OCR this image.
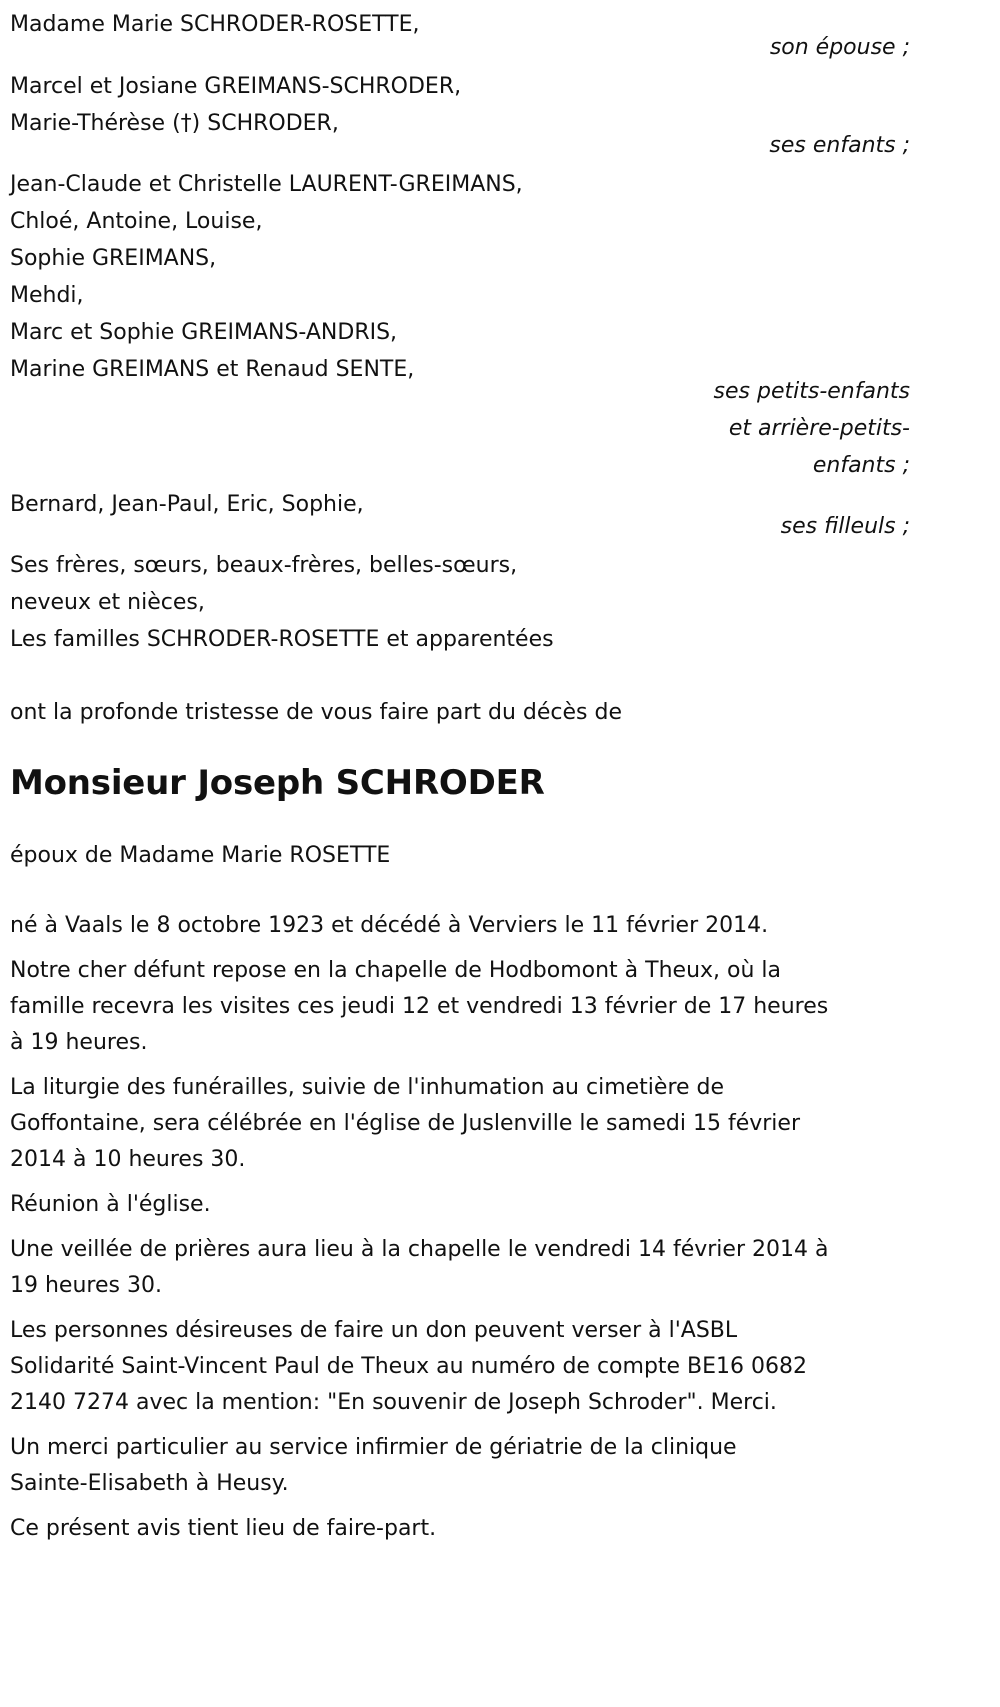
Madame Marie SCHRODER-ROSETTE,
son épouse ;
Marcel et Josiane GREIMANS-SCHRODER,
Marie-Thérèse (†) SCHRODER,
ses enfants ;
Jean-Claude et Christelle LAURENT-GREIMANS,
Chloé, Antoine, Louise,
Sophie GREIMANS,
Mehdi,
Marc et Sophie GREIMANS-ANDRIS,
Marine GREIMANS et Renaud SENTE,
ses petits-enfants
et arrière-petits-
enfants ;
Bernard, Jean-Paul, Eric, Sophie,
ses filleuls ;
Ses frères, sœurs, beaux-frères, belles-sœurs,
neveux et nièces,
Les familles SCHRODER-ROSETTE et apparentées
ont la profonde tristesse de vous faire part du décès de
Monsieur Joseph SCHRODER
époux de Madame Marie ROSETTE

né à Vaals le 8 octobre 1923 et décédé à Verviers le 11 février 2014.

Notre cher défunt repose en la chapelle de Hodbomont à Theux, où la
famille recevra les visites ces jeudi 12 et vendredi 13 février de 17 heures
à 19 heures.

La liturgie des funérailles, suivie de l'inhumation au cimetière de
Goffontaine, sera célébrée en l'église de Juslenville le samedi 15 février
2014 à 10 heures 30.

Réunion à l'église.

Une veillée de prières aura lieu à la chapelle le vendredi 14 février 2014 à
19 heures 30.

Les personnes désireuses de faire un don peuvent verser à l'ASBL
Solidarité Saint-Vincent Paul de Theux au numéro de compte BE16 0682
2140 7274 avec la mention: "En souvenir de Joseph Schroder". Merci.

Un merci particulier au service infirmier de gériatrie de la clinique
Sainte-Elisabeth à Heusy.

Ce présent avis tient lieu de faire-part.
